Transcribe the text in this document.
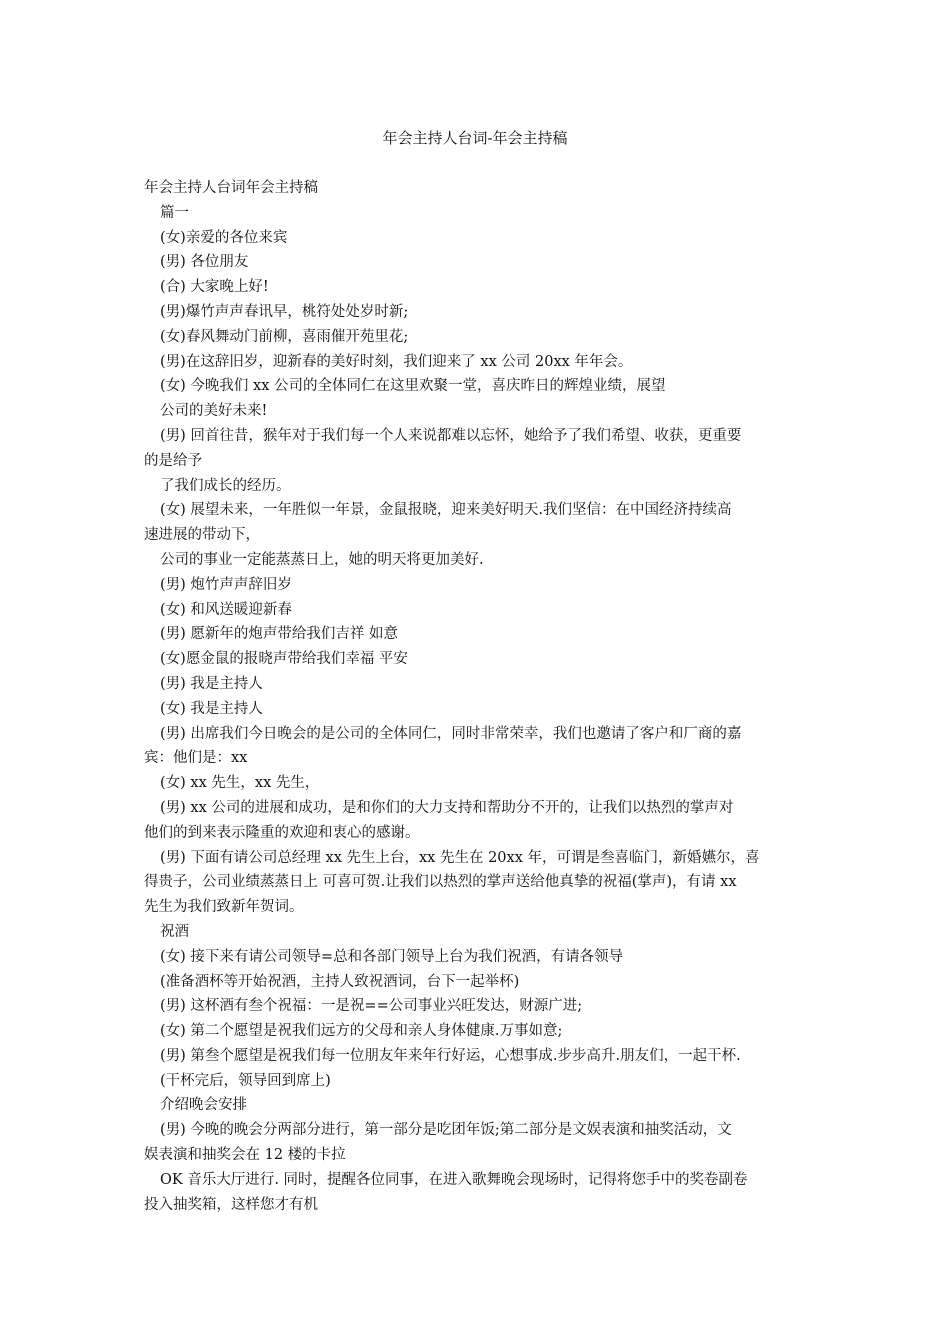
年会主持人台词-年会主持稿
年会主持人台词年会主持稿
篇一
(女)亲爱的各位来宾
(男) 各位朋友
(合) 大家晚上好!
(男)爆竹声声春讯早，桃符处处岁时新;
(女)春风舞动门前柳，喜雨催开苑里花;
(男)在这辞旧岁，迎新春的美好时刻，我们迎来了 xx 公司 20xx 年年会。
(女) 今晚我们 xx 公司的全体同仁在这里欢聚一堂，喜庆昨日的辉煌业绩，展望
公司的美好未来!
(男) 回首往昔，猴年对于我们每一个人来说都难以忘怀，她给予了我们希望、收获，更重要
的是给予
了我们成长的经历。
(女) 展望未来，一年胜似一年景，金鼠报晓，迎来美好明天.我们坚信：在中国经济持续高
速进展的带动下，
公司的事业一定能蒸蒸日上，她的明天将更加美好.
(男) 炮竹声声辞旧岁
(女) 和风送暖迎新春
(男) 愿新年的炮声带给我们吉祥 如意
(女)愿金鼠的报晓声带给我们幸福 平安
(男) 我是主持人
(女) 我是主持人
(男) 出席我们今日晚会的是公司的全体同仁，同时非常荣幸，我们也邀请了客户和厂商的嘉
宾：他们是：xx
(女) xx 先生，xx 先生，
(男) xx 公司的进展和成功，是和你们的大力支持和帮助分不开的，让我们以热烈的掌声对
他们的到来表示隆重的欢迎和衷心的感谢。
(男) 下面有请公司总经理 xx 先生上台，xx 先生在 20xx 年，可谓是叁喜临门，新婚嬿尔，喜
得贵子，公司业绩蒸蒸日上 可喜可贺.让我们以热烈的掌声送给他真挚的祝福(掌声)，有请 xx
先生为我们致新年贺词。
祝酒
(女) 接下来有请公司领导=总和各部门领导上台为我们祝酒，有请各领导
(准备酒杯等开始祝酒，主持人致祝酒词，台下一起举杯)
(男) 这杯酒有叁个祝福：一是祝==公司事业兴旺发达，财源广进;
(女) 第二个愿望是祝我们远方的父母和亲人身体健康.万事如意;
(男) 第叁个愿望是祝我们每一位朋友年来年行好运，心想事成.步步高升.朋友们，一起干杯.
(干杯完后，领导回到席上)
介绍晚会安排
(男) 今晚的晚会分两部分进行，第一部分是吃团年饭;第二部分是文娱表演和抽奖活动，文
娱表演和抽奖会在 12 楼的卡拉
OK 音乐大厅进行. 同时，提醒各位同事，在进入歌舞晚会现场时，记得将您手中的奖卷副卷
投入抽奖箱，这样您才有机
